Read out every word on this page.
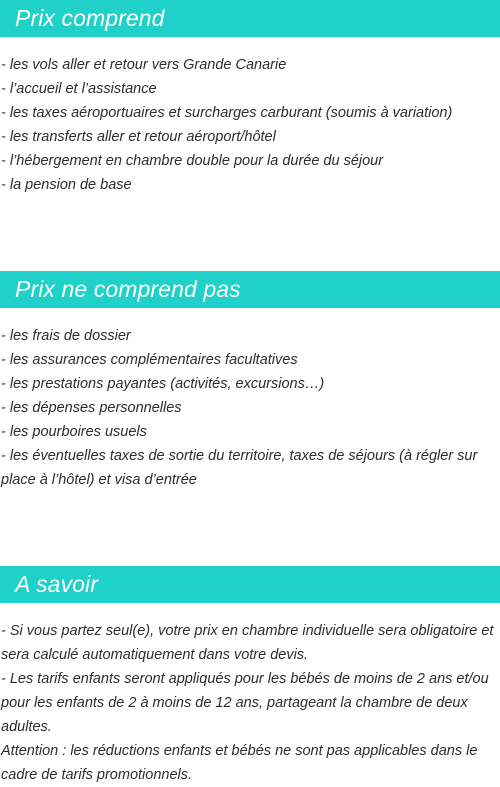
Prix comprend
- les vols aller et retour vers Grande Canarie
- l’accueil et l’assistance
- les taxes aéroportuaires et surcharges carburant (soumis à variation)
- les transferts aller et retour aéroport/hôtel
- l’hébergement en chambre double pour la durée du séjour
- la pension de base
Prix ne comprend pas
- les frais de dossier
- les assurances complémentaires facultatives
- les prestations payantes (activités, excursions…)
- les dépenses personnelles
- les pourboires usuels
- les éventuelles taxes de sortie du territoire, taxes de séjours (à régler sur place à l’hôtel) et visa d’entrée
A savoir
- Si vous partez seul(e), votre prix en chambre individuelle sera obligatoire et sera calculé automatiquement dans votre devis.
- Les tarifs enfants seront appliqués pour les bébés de moins de 2 ans et/ou pour les enfants de 2 à moins de 12 ans, partageant la chambre de deux adultes.
Attention : les réductions enfants et bébés ne sont pas applicables dans le cadre de tarifs promotionnels.
